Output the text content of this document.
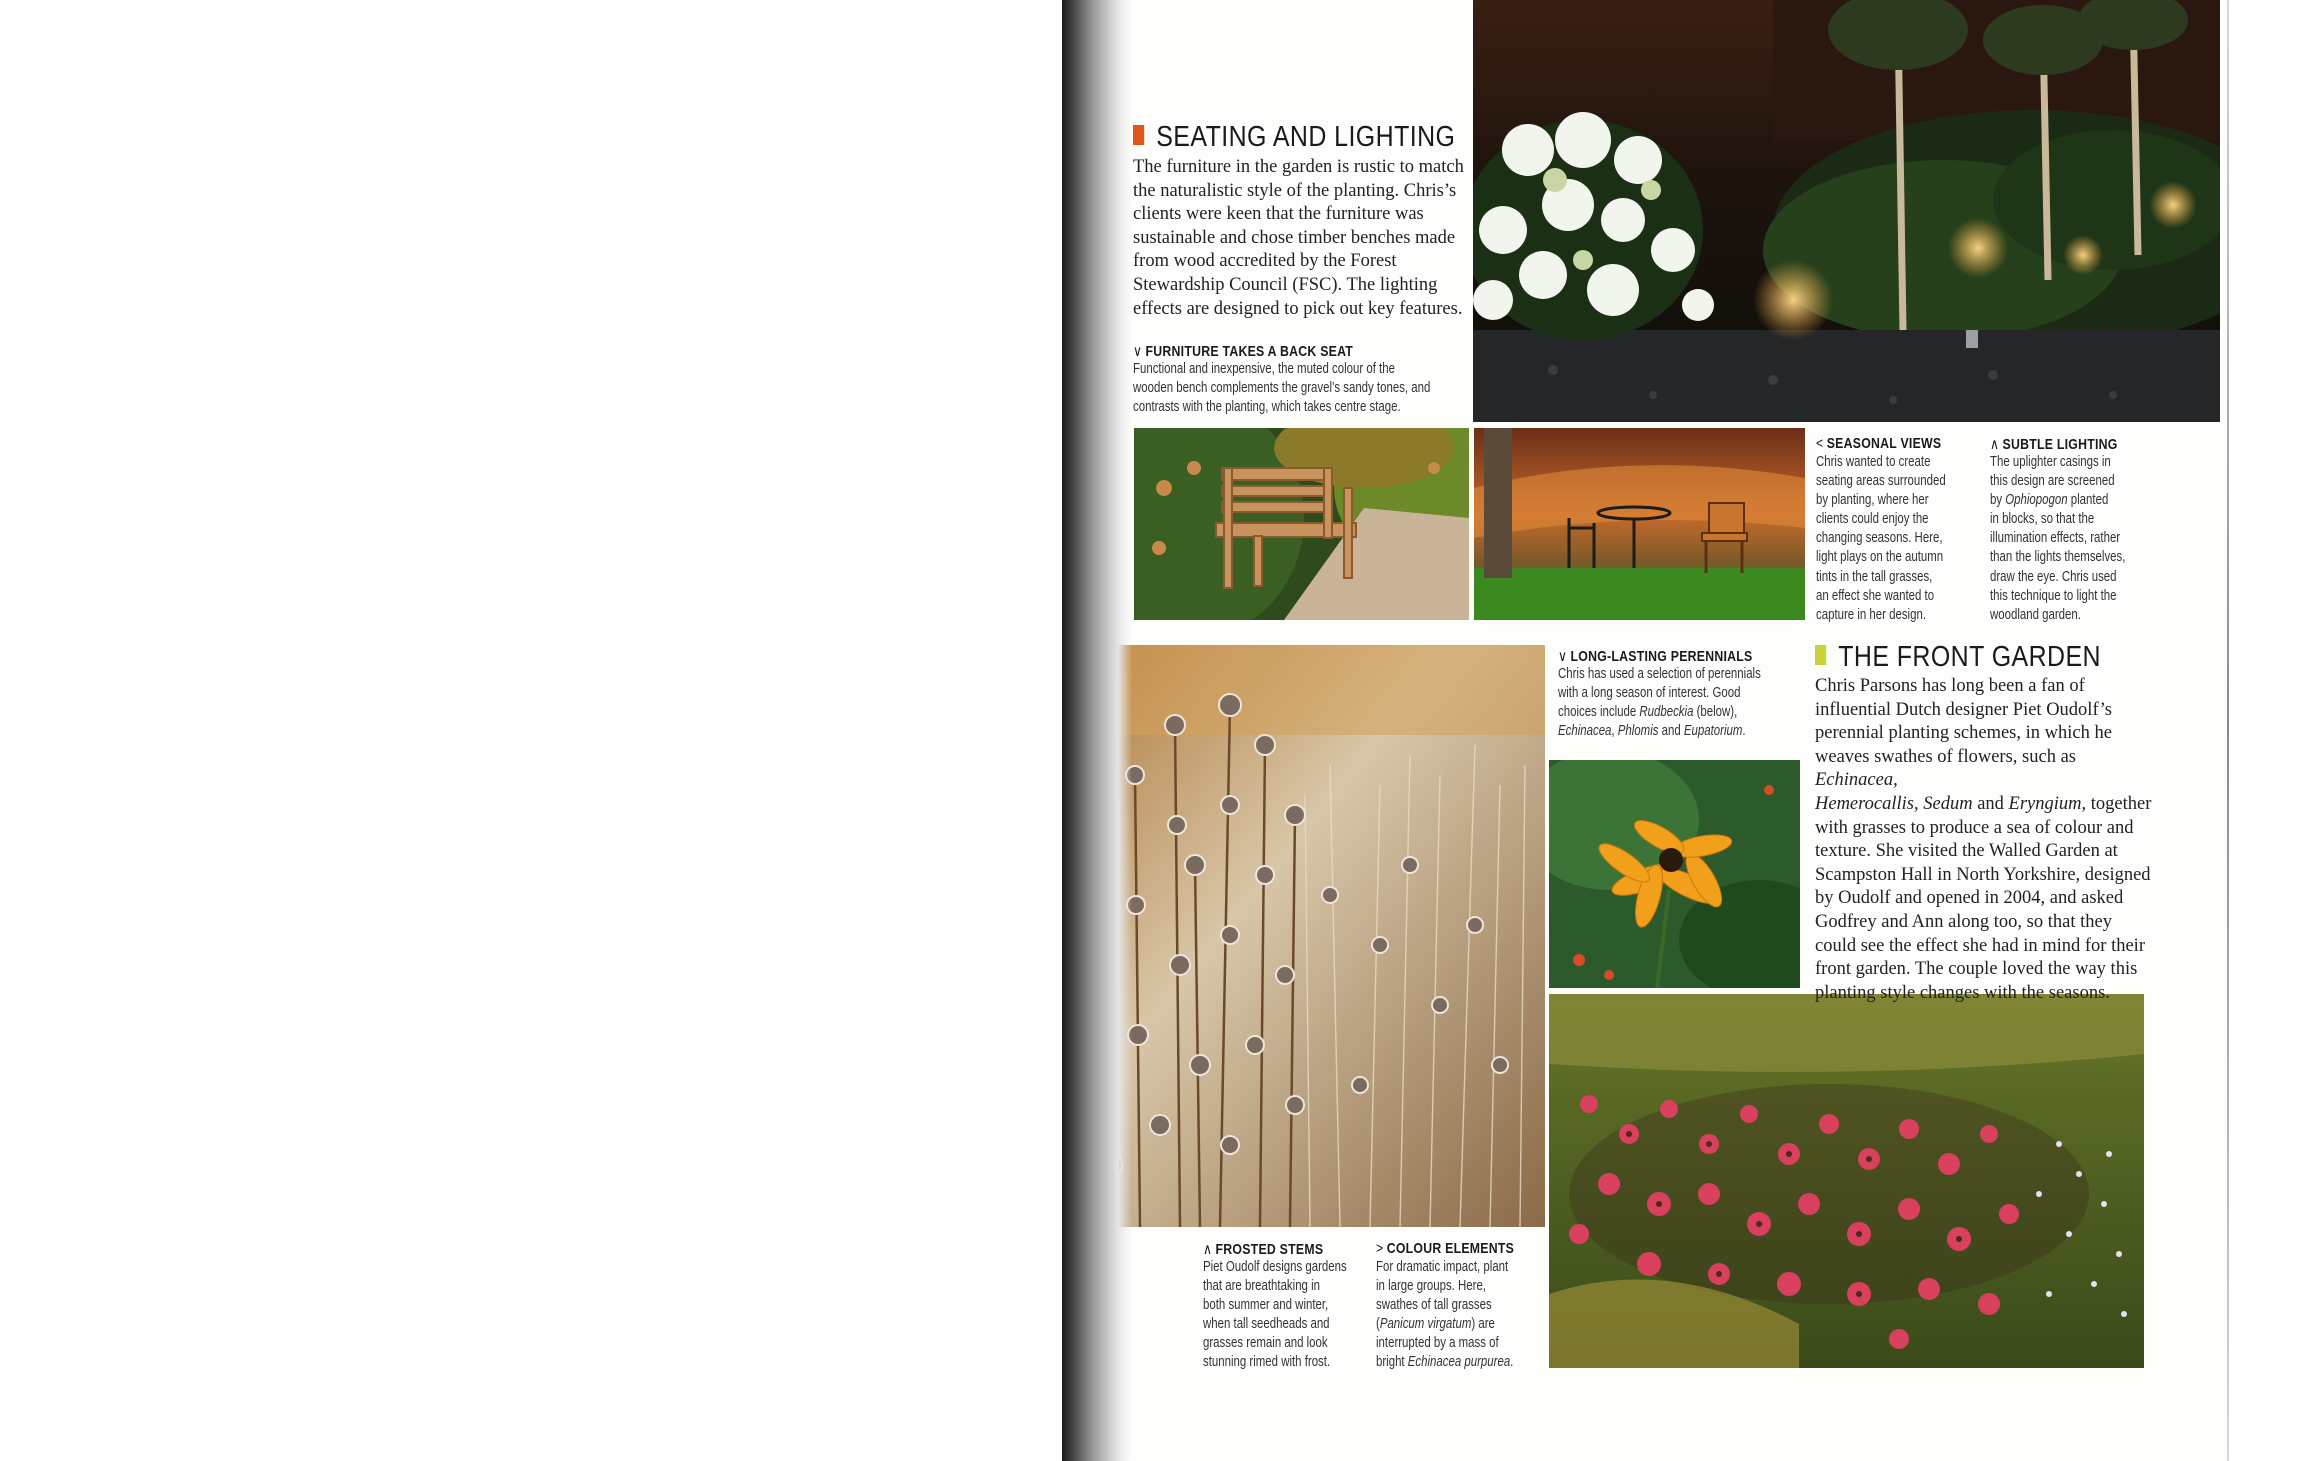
SEATING AND LIGHTING

The furniture in the garden is rustic to match
the naturalistic style of the planting. Chris’s
clients were keen that the furniture was
sustainable and chose timber benches made
from wood accredited by the Forest
Stewardship Council (FSC). The lighting
effects are designed to pick out key features.

∨ FURNITURE TAKES A BACK SEAT

Functional and inexpensive, the muted colour of the
wooden bench complements the gravel’s sandy tones, and
contrasts with the planting, which takes centre stage.

< SEASONAL VIEWS

Chris wanted to create
seating areas surrounded
by planting, where her
clients could enjoy the
changing seasons. Here,
light plays on the autumn
tints in the tall grasses,
an effect she wanted to
capture in her design.

∧ SUBTLE LIGHTING

The uplighter casings in
this design are screened
by Ophiopogon planted
in blocks, so that the
illumination effects, rather
than the lights themselves,
draw the eye. Chris used
this technique to light the
woodland garden.

∨ LONG-LASTING PERENNIALS

Chris has used a selection of perennials
with a long season of interest. Good
choices include Rudbeckia (below),
Echinacea, Phlomis and Eupatorium.

THE FRONT GARDEN

Chris Parsons has long been a fan of
influential Dutch designer Piet Oudolf’s
perennial planting schemes, in which he
weaves swathes of flowers, such as Echinacea,
Hemerocallis, Sedum and Eryngium, together
with grasses to produce a sea of colour and
texture. She visited the Walled Garden at
Scampston Hall in North Yorkshire, designed
by Oudolf and opened in 2004, and asked
Godfrey and Ann along too, so that they
could see the effect she had in mind for their
front garden. The couple loved the way this
planting style changes with the seasons.

∧ FROSTED STEMS

Piet Oudolf designs gardens
that are breathtaking in
both summer and winter,
when tall seedheads and
grasses remain and look
stunning rimed with frost.

> COLOUR ELEMENTS

For dramatic impact, plant
in large groups. Here,
swathes of tall grasses
(Panicum virgatum) are
interrupted by a mass of
bright Echinacea purpurea.
